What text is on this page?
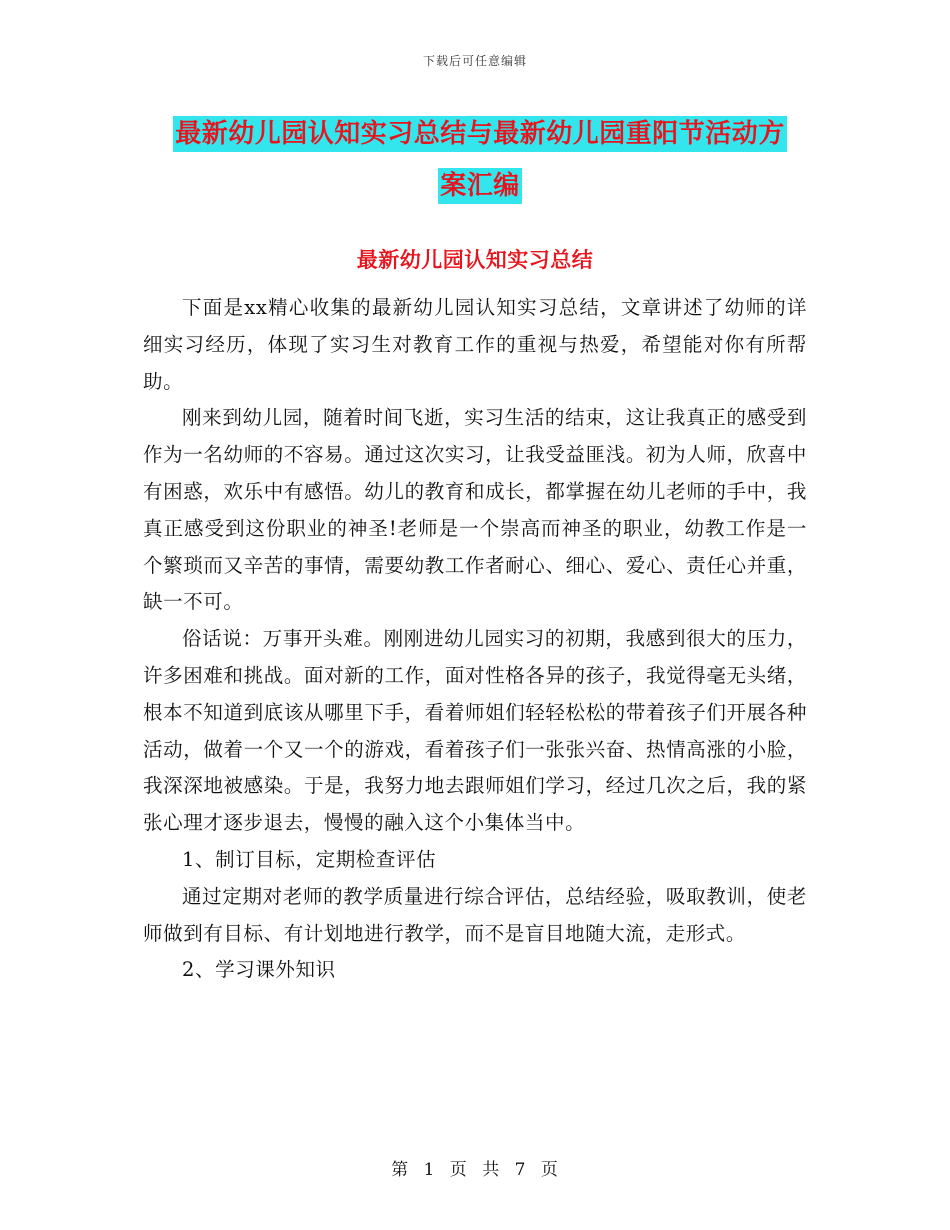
下载后可任意编辑
最新幼儿园认知实习总结与最新幼儿园重阳节活动方
案汇编
最新幼儿园认知实习总结

下面是xx精心收集的最新幼儿园认知实习总结，文章讲述了幼师的详细实习经历，体现了实习生对教育工作的重视与热爱，希望能对你有所帮助。

刚来到幼儿园，随着时间飞逝，实习生活的结束，这让我真正的感受到作为一名幼师的不容易。通过这次实习，让我受益匪浅。初为人师，欣喜中有困惑，欢乐中有感悟。幼儿的教育和成长，都掌握在幼儿老师的手中，我真正感受到这份职业的神圣!老师是一个崇高而神圣的职业，幼教工作是一个繁琐而又辛苦的事情，需要幼教工作者耐心、细心、爱心、责任心并重，缺一不可。

俗话说：万事开头难。刚刚进幼儿园实习的初期，我感到很大的压力，许多困难和挑战。面对新的工作，面对性格各异的孩子，我觉得毫无头绪，根本不知道到底该从哪里下手，看着师姐们轻轻松松的带着孩子们开展各种活动，做着一个又一个的游戏，看着孩子们一张张兴奋、热情高涨的小脸，我深深地被感染。于是，我努力地去跟师姐们学习，经过几次之后，我的紧张心理才逐步退去，慢慢的融入这个小集体当中。

1、制订目标，定期检查评估

通过定期对老师的教学质量进行综合评估，总结经验，吸取教训，使老师做到有目标、有计划地进行教学，而不是盲目地随大流，走形式。

2、学习课外知识

第 1 页 共 7 页
